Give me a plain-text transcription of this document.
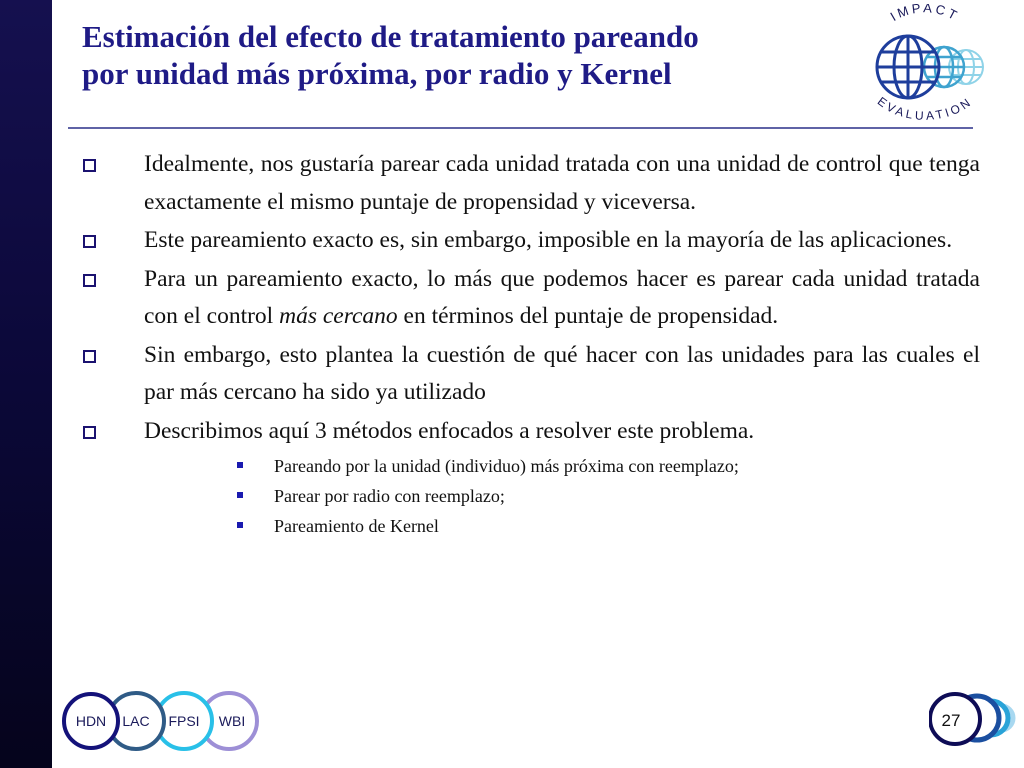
Estimación del efecto de tratamiento pareando
por unidad más próxima, por radio y Kernel
IMPACT
EVALUATION
Idealmente, nos gustaría parear cada unidad tratada con una unidad de control que tenga exactamente el mismo puntaje de propensidad y viceversa.
Este pareamiento exacto es, sin embargo, imposible en la mayoría de las aplicaciones.
Para un pareamiento exacto, lo más que podemos hacer es parear cada unidad tratada con el control más cercano en términos del puntaje de propensidad.
Sin embargo, esto plantea la cuestión de qué hacer con las unidades para las cuales el par más cercano ha sido ya utilizado
Describimos aquí 3 métodos enfocados a resolver este problema.
Pareando por la unidad (individuo) más próxima con reemplazo;
Parear por radio con reemplazo;
Pareamiento de Kernel
WBI
FPSI
LAC
HDN	27
